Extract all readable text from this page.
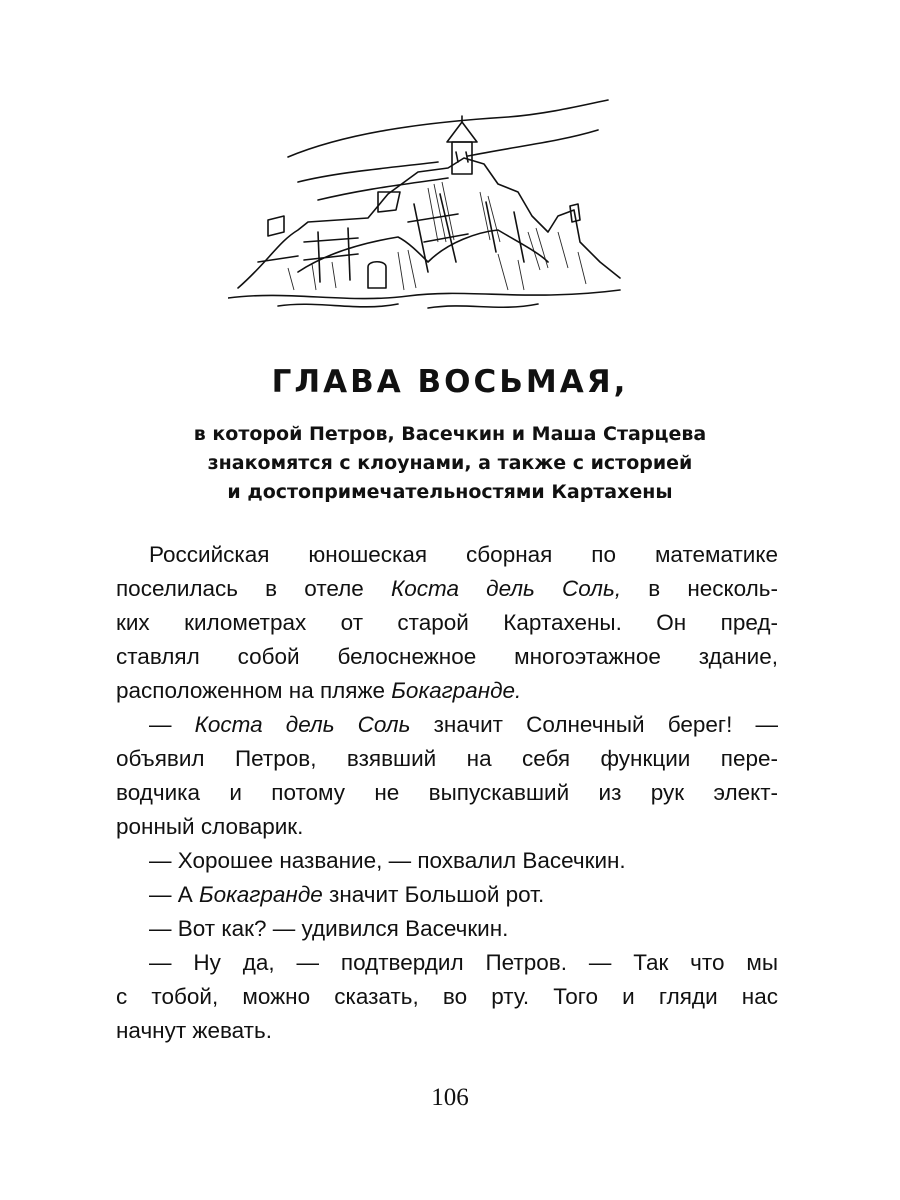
ГЛАВА ВОСЬМАЯ,
в которой Петров, Васечкин и Маша Старцева
знакомятся с клоунами, а также с историей
и достопримечательностями Картахены
Российская юношеская сборная по математике
поселилась в отеле Коста дель Соль, в несколь-
ких километрах от старой Картахены. Он пред-
ставлял собой белоснежное многоэтажное здание,
расположенном на пляже Бокагранде.
— Коста дель Соль значит Солнечный берег! —
объявил Петров, взявший на себя функции пере-
водчика и потому не выпускавший из рук элект-
ронный словарик.
— Хорошее название, — похвалил Васечкин.
— А Бокагранде значит Большой рот.
— Вот как? — удивился Васечкин.
— Ну да, — подтвердил Петров. — Так что мы
с тобой, можно сказать, во рту. Того и гляди нас
начнут жевать.
106
